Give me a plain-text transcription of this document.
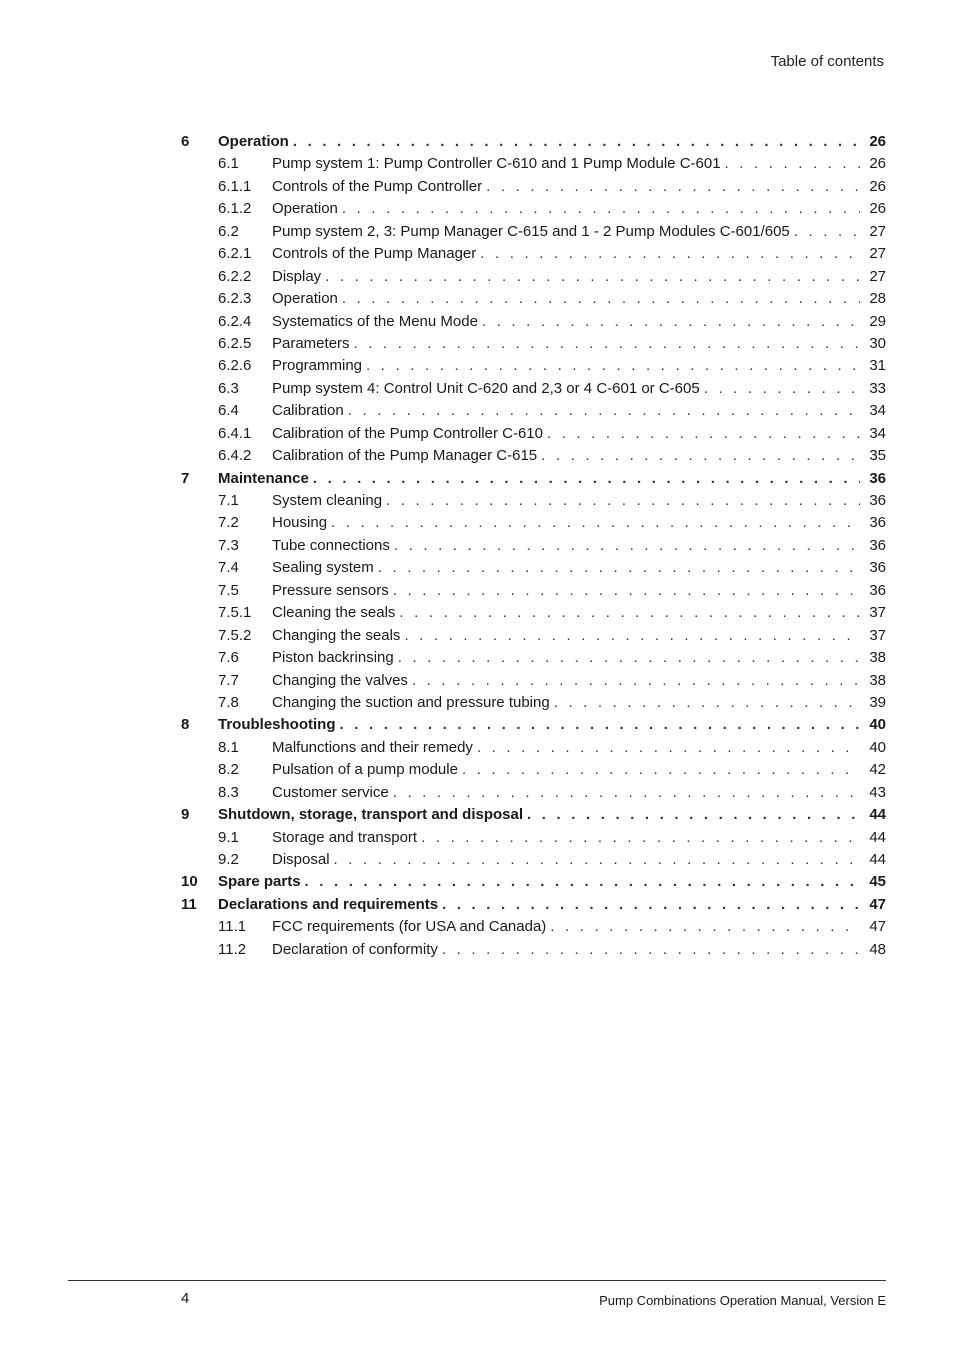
Table of contents
6	Operation . . .	26
6.1	Pump system 1: Pump Controller C-610 and 1 Pump Module C-601 . . .	26
6.1.1	Controls of the Pump Controller . . .	26
6.1.2	Operation . . .	26
6.2	Pump system 2, 3: Pump Manager C-615 and 1 - 2 Pump Modules C-601/605 . . .	27
6.2.1	Controls of the Pump Manager . . .	27
6.2.2	Display . . .	27
6.2.3	Operation . . .	28
6.2.4	Systematics of the Menu Mode . . .	29
6.2.5	Parameters . . .	30
6.2.6	Programming . . .	31
6.3	Pump system 4: Control Unit C-620 and 2,3 or 4 C-601 or C-605 . . .	33
6.4	Calibration . . .	34
6.4.1	Calibration of the Pump Controller C-610 . . .	34
6.4.2	Calibration of the Pump Manager C-615 . . .	35
7	Maintenance . . .	36
7.1	System cleaning . . .	36
7.2	Housing . . .	36
7.3	Tube connections . . .	36
7.4	Sealing system . . .	36
7.5	Pressure sensors . . .	36
7.5.1	Cleaning the seals . . .	37
7.5.2	Changing the seals . . .	37
7.6	Piston backrinsing . . .	38
7.7	Changing the valves . . .	38
7.8	Changing the suction and pressure tubing . . .	39
8	Troubleshooting . . .	40
8.1	Malfunctions and their remedy . . .	40
8.2	Pulsation of a pump module . . .	42
8.3	Customer service . . .	43
9	Shutdown, storage, transport and disposal . . .	44
9.1	Storage and transport . . .	44
9.2	Disposal . . .	44
10	Spare parts . . .	45
11	Declarations and requirements . . .	47
11.1	FCC requirements (for USA and Canada) . . .	47
11.2	Declaration of conformity . . .	48
4	Pump Combinations Operation Manual, Version E
